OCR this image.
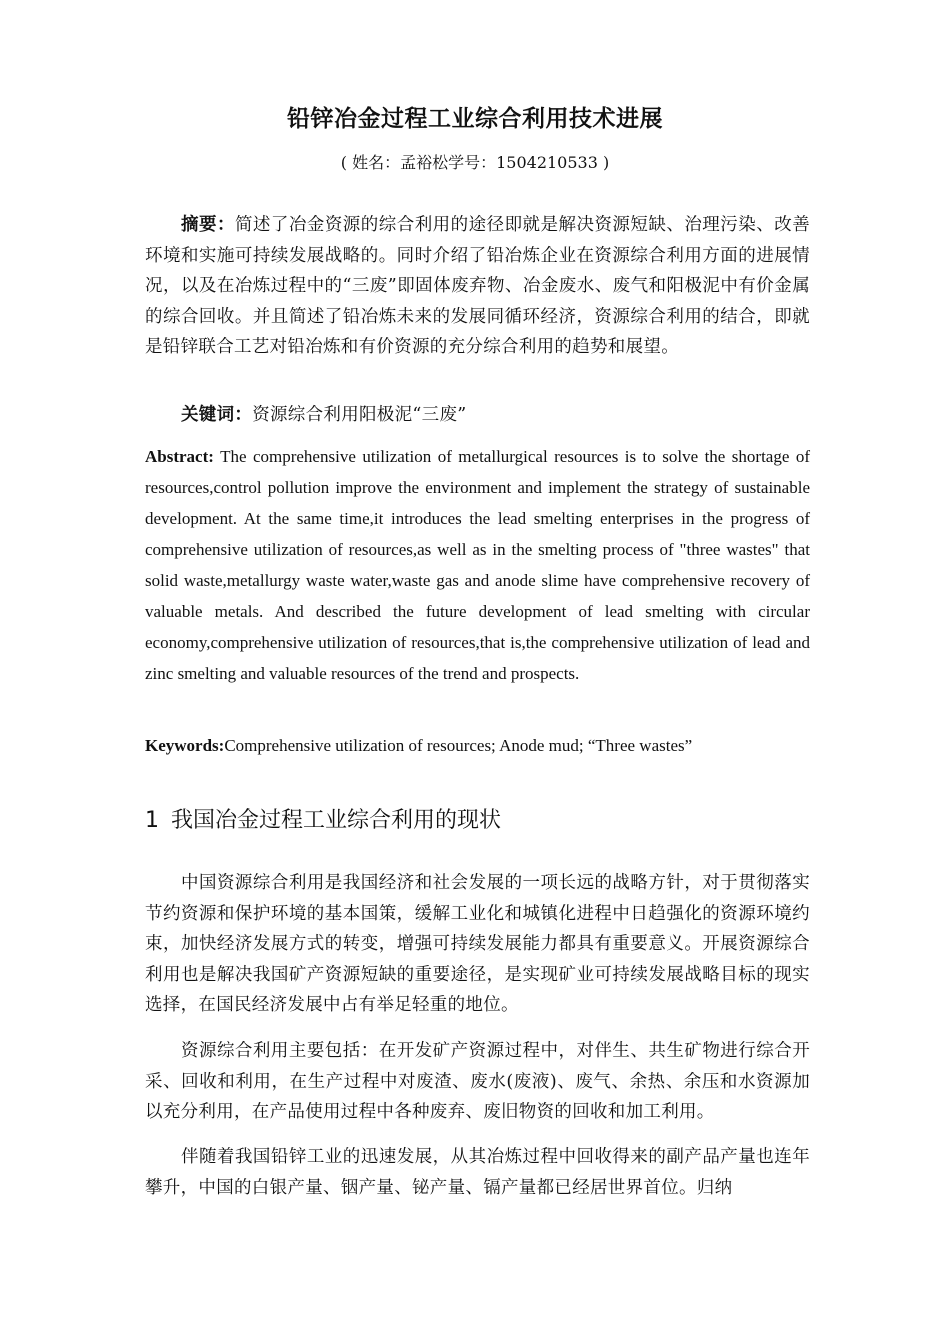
铅锌冶金过程工业综合利用技术进展
( 姓名：孟裕松学号：1504210533 )
摘要：简述了冶金资源的综合利用的途径即就是解决资源短缺、治理污染、改善环境和实施可持续发展战略的。同时介绍了铅冶炼企业在资源综合利用方面的进展情况，以及在冶炼过程中的“三废”即固体废弃物、冶金废水、废气和阳极泥中有价金属的综合回收。并且简述了铅冶炼未来的发展同循环经济，资源综合利用的结合，即就是铅锌联合工艺对铅冶炼和有价资源的充分综合利用的趋势和展望。
关键词：资源综合利用阳极泥“三废”
Abstract: The comprehensive utilization of metallurgical resources is to solve the shortage of resources,control pollution improve the environment and implement the strategy of sustainable development. At the same time,it introduces the lead smelting enterprises in the progress of comprehensive utilization of resources,as well as in the smelting process of "three wastes" that solid waste,metallurgy waste water,waste gas and anode slime have comprehensive recovery of valuable metals. And described the future development of lead smelting with circular economy,comprehensive utilization of resources,that is,the comprehensive utilization of lead and zinc smelting and valuable resources of the trend and prospects.
Keywords:Comprehensive utilization of resources; Anode mud; “Three wastes”
1 我国冶金过程工业综合利用的现状
中国资源综合利用是我国经济和社会发展的一项长远的战略方针，对于贯彻落实节约资源和保护环境的基本国策，缓解工业化和城镇化进程中日趋强化的资源环境约束，加快经济发展方式的转变，增强可持续发展能力都具有重要意义。开展资源综合利用也是解决我国矿产资源短缺的重要途径，是实现矿业可持续发展战略目标的现实选择，在国民经济发展中占有举足轻重的地位。
资源综合利用主要包括：在开发矿产资源过程中，对伴生、共生矿物进行综合开采、回收和利用，在生产过程中对废渣、废水(废液)、废气、余热、余压和水资源加以充分利用，在产品使用过程中各种废弃、废旧物资的回收和加工利用。
伴随着我国铅锌工业的迅速发展，从其冶炼过程中回收得来的副产品产量也连年攀升，中国的白银产量、铟产量、铋产量、镉产量都已经居世界首位。归纳
